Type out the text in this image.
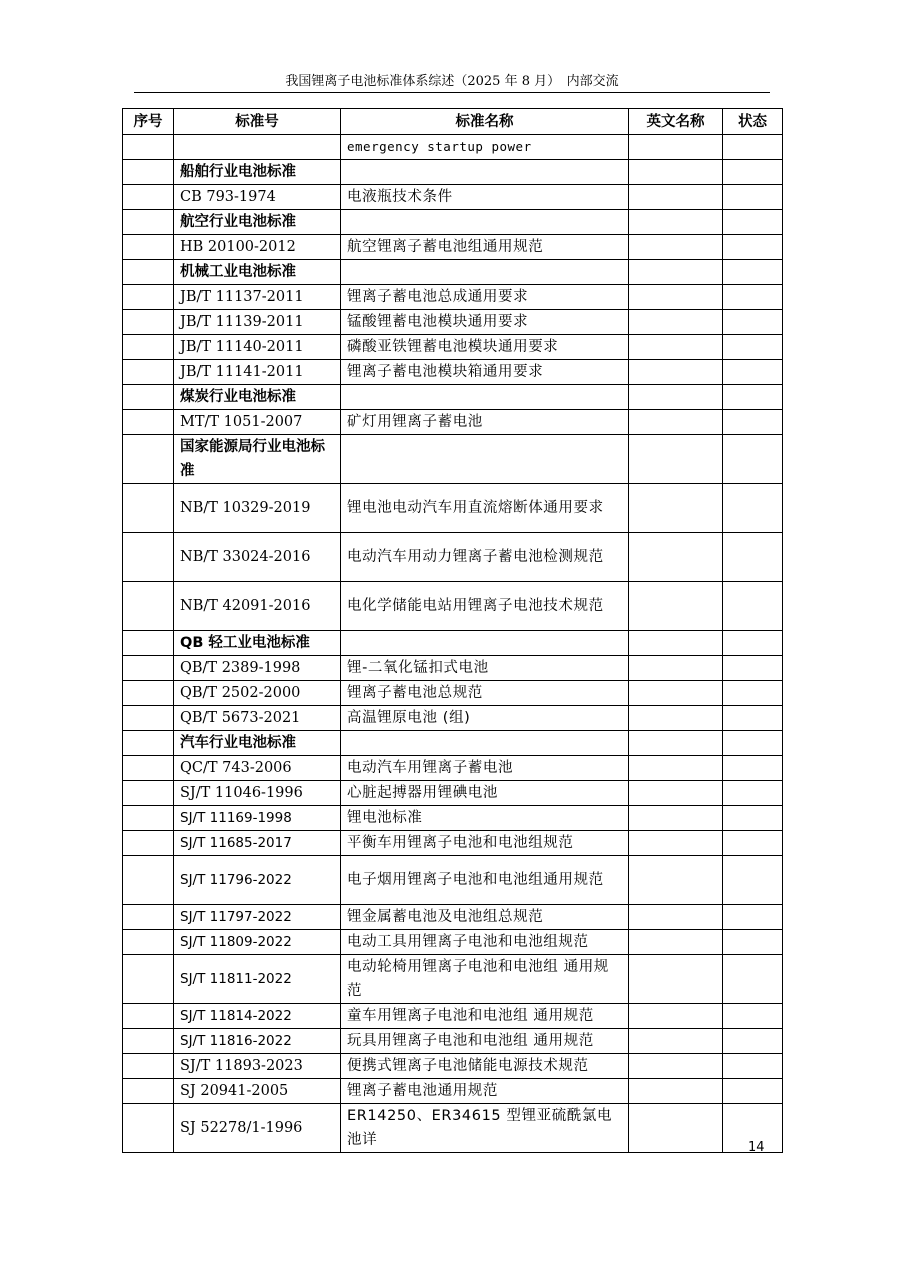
我国锂离子电池标准体系综述（2025 年 8 月）　内部交流
序号	标准号	标准名称	英文名称	状态
		emergency startup power		
	船舶行业电池标准			
	CB 793-1974	电液瓶技术条件		
	航空行业电池标准			
	HB 20100-2012	航空锂离子蓄电池组通用规范		
	机械工业电池标准			
	JB/T 11137-2011	锂离子蓄电池总成通用要求		
	JB/T 11139-2011	锰酸锂蓄电池模块通用要求		
	JB/T 11140-2011	磷酸亚铁锂蓄电池模块通用要求		
	JB/T 11141-2011	锂离子蓄电池模块箱通用要求		
	煤炭行业电池标准			
	MT/T 1051-2007	矿灯用锂离子蓄电池		
	国家能源局行业电池标准			
	NB/T 10329-2019	锂电池电动汽车用直流熔断体通用要求		
	NB/T 33024-2016	电动汽车用动力锂离子蓄电池检测规范		
	NB/T 42091-2016	电化学储能电站用锂离子电池技术规范		
	QB 轻工业电池标准			
	QB/T 2389-1998	锂-二氧化锰扣式电池		
	QB/T 2502-2000	锂离子蓄电池总规范		
	QB/T 5673-2021	高温锂原电池 (组)		
	汽车行业电池标准			
	QC/T 743-2006	电动汽车用锂离子蓄电池		
	SJ/T 11046-1996	心脏起搏器用锂碘电池		
	SJ/T 11169-1998	锂电池标准		
	SJ/T 11685-2017	平衡车用锂离子电池和电池组规范		
	SJ/T 11796-2022	电子烟用锂离子电池和电池组通用规范		
	SJ/T 11797-2022	锂金属蓄电池及电池组总规范		
	SJ/T 11809-2022	电动工具用锂离子电池和电池组规范		
	SJ/T 11811-2022	电动轮椅用锂离子电池和电池组 通用规范		
	SJ/T 11814-2022	童车用锂离子电池和电池组 通用规范		
	SJ/T 11816-2022	玩具用锂离子电池和电池组 通用规范		
	SJ/T 11893-2023	便携式锂离子电池储能电源技术规范		
	SJ 20941-2005	锂离子蓄电池通用规范		
	SJ 52278/1-1996	ER14250、ER34615 型锂亚硫酰氯电池详			14
